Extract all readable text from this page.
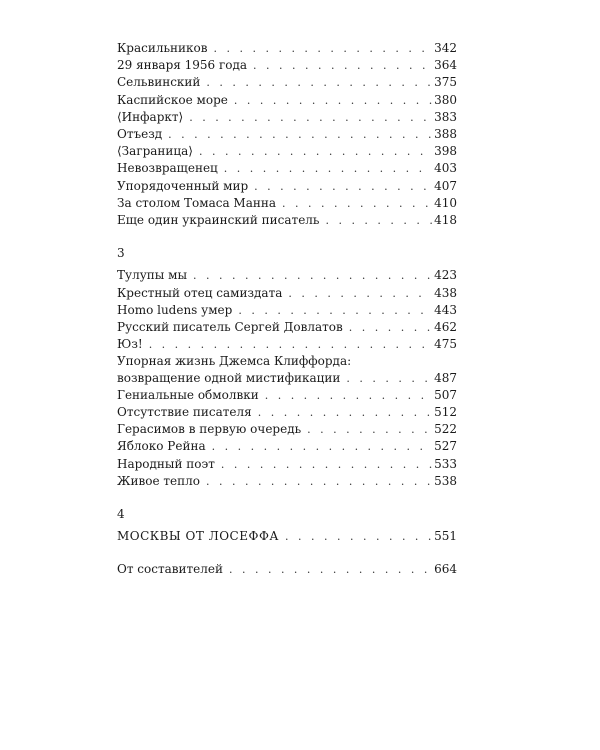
Красильников . . .	342
29 января 1956 года . . .	364
Сельвинский . . .	375
Каспийское море . . .	380
⟨Инфаркт⟩ . . .	383
Отъезд . . .	388
⟨Заграница⟩ . . .	398
Невозвращенец . . .	403
Упорядоченный мир . . .	407
За столом Томаса Манна . . .	410
Еще один украинский писатель . . .	418
3
Тулупы мы . . .	423
Крестный отец самиздата . . .	438
Homo ludens умер . . .	443
Русский писатель Сергей Довлатов . . .	462
Юз! . . .	475
Упорная жизнь Джемса Клиффорда:
возвращение одной мистификации . . .	487
Гениальные обмолвки . . .	507
Отсутствие писателя . . .	512
Герасимов в первую очередь . . .	522
Яблоко Рейна . . .	527
Народный поэт . . .	533
Живое тепло . . .	538
4
МОСКВЫ ОТ ЛОСЕФФА . . .	551
От составителей . . .	664
